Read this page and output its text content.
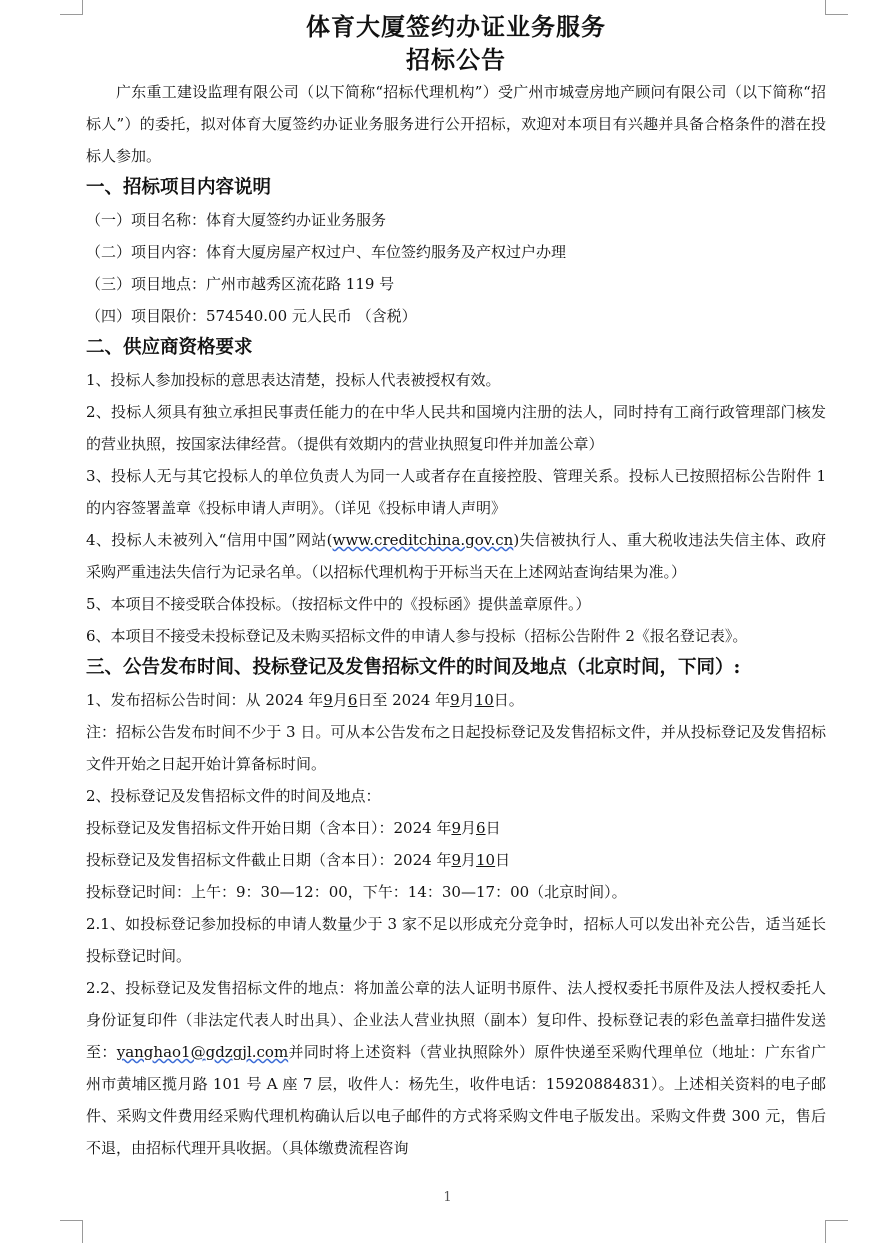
体育大厦签约办证业务服务
招标公告

广东重工建设监理有限公司（以下简称“招标代理机构”）受广州市城壹房地产顾问有限公司（以下简称“招标人”）的委托，拟对体育大厦签约办证业务服务进行公开招标，欢迎对本项目有兴趣并具备合格条件的潜在投标人参加。

一、招标项目内容说明

（一）项目名称：体育大厦签约办证业务服务

（二）项目内容：体育大厦房屋产权过户、车位签约服务及产权过户办理

（三）项目地点：广州市越秀区流花路 119 号

（四）项目限价：574540.00 元人民币 （含税）

二、供应商资格要求

1、投标人参加投标的意思表达清楚，投标人代表被授权有效。

2、投标人须具有独立承担民事责任能力的在中华人民共和国境内注册的法人，同时持有工商行政管理部门核发的营业执照，按国家法律经营。（提供有效期内的营业执照复印件并加盖公章）

3、投标人无与其它投标人的单位负责人为同一人或者存在直接控股、管理关系。投标人已按照招标公告附件 1 的内容签署盖章《投标申请人声明》。（详见《投标申请人声明》

4、投标人未被列入“信用中国”网站(www.creditchina.gov.cn)失信被执行人、重大税收违法失信主体、政府采购严重违法失信行为记录名单。（以招标代理机构于开标当天在上述网站查询结果为准。）

5、本项目不接受联合体投标。（按招标文件中的《投标函》提供盖章原件。）

6、本项目不接受未投标登记及未购买招标文件的申请人参与投标（招标公告附件 2《报名登记表》。

三、公告发布时间、投标登记及发售招标文件的时间及地点（北京时间，下同）:

1、发布招标公告时间：从 2024 年9月6日至 2024 年9月10日。

注：招标公告发布时间不少于 3 日。可从本公告发布之日起投标登记及发售招标文件，并从投标登记及发售招标文件开始之日起开始计算备标时间。

2、投标登记及发售招标文件的时间及地点：

投标登记及发售招标文件开始日期（含本日）：2024 年9月6日

投标登记及发售招标文件截止日期（含本日）：2024 年9月10日

投标登记时间：上午：9：30—12：00，下午：14：30—17：00（北京时间）。

2.1、如投标登记参加投标的申请人数量少于 3 家不足以形成充分竞争时，招标人可以发出补充公告，适当延长投标登记时间。

2.2、投标登记及发售招标文件的地点：将加盖公章的法人证明书原件、法人授权委托书原件及法人授权委托人身份证复印件（非法定代表人时出具）、企业法人营业执照（副本）复印件、投标登记表的彩色盖章扫描件发送至：yanghao1@gdzgjl.com并同时将上述资料（营业执照除外）原件快递至采购代理单位（地址：广东省广州市黄埔区揽月路 101 号 A 座 7 层，收件人：杨先生，收件电话：15920884831）。上述相关资料的电子邮件、采购文件费用经采购代理机构确认后以电子邮件的方式将采购文件电子版发出。采购文件费 300 元，售后不退，由招标代理开具收据。（具体缴费流程咨询

1
